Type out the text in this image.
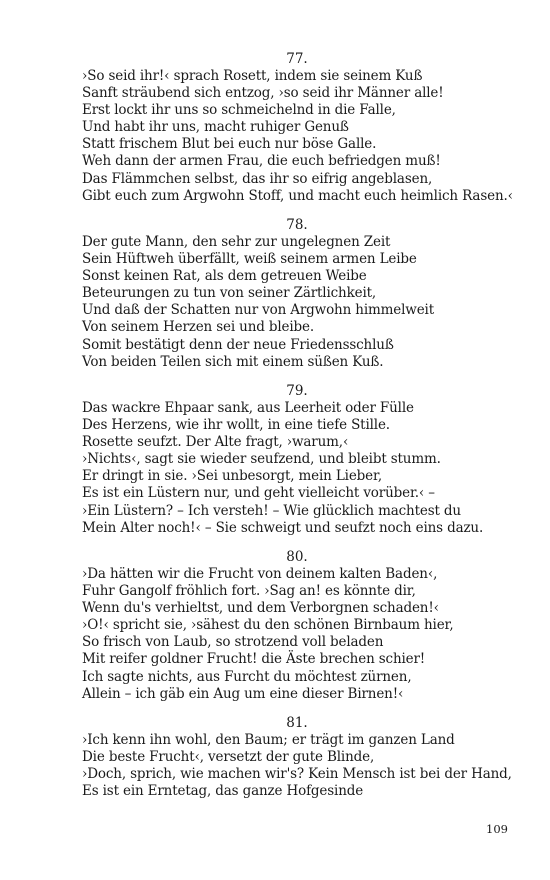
77.
›So seid ihr!‹ sprach Rosett, indem sie seinem Kuß
Sanft sträubend sich entzog, ›so seid ihr Männer alle!
Erst lockt ihr uns so schmeichelnd in die Falle,
Und habt ihr uns, macht ruhiger Genuß
Statt frischem Blut bei euch nur böse Galle.
Weh dann der armen Frau, die euch befriedgen muß!
Das Flämmchen selbst, das ihr so eifrig angeblasen,
Gibt euch zum Argwohn Stoff, und macht euch heimlich Rasen.‹
78.
Der gute Mann, den sehr zur ungelegnen Zeit
Sein Hüftweh überfällt, weiß seinem armen Leibe
Sonst keinen Rat, als dem getreuen Weibe
Beteurungen zu tun von seiner Zärtlichkeit,
Und daß der Schatten nur von Argwohn himmelweit
Von seinem Herzen sei und bleibe.
Somit bestätigt denn der neue Friedensschluß
Von beiden Teilen sich mit einem süßen Kuß.
79.
Das wackre Ehpaar sank, aus Leerheit oder Fülle
Des Herzens, wie ihr wollt, in eine tiefe Stille.
Rosette seufzt. Der Alte fragt, ›warum,‹
›Nichts‹, sagt sie wieder seufzend, und bleibt stumm.
Er dringt in sie. ›Sei unbesorgt, mein Lieber,
Es ist ein Lüstern nur, und geht vielleicht vorüber.‹ –
›Ein Lüstern? – Ich versteh! – Wie glücklich machtest du
Mein Alter noch!‹ – Sie schweigt und seufzt noch eins dazu.
80.
›Da hätten wir die Frucht von deinem kalten Baden‹,
Fuhr Gangolf fröhlich fort. ›Sag an! es könnte dir,
Wenn du's verhieltst, und dem Verborgnen schaden!‹
›O!‹ spricht sie, ›sähest du den schönen Birnbaum hier,
So frisch von Laub, so strotzend voll beladen
Mit reifer goldner Frucht! die Äste brechen schier!
Ich sagte nichts, aus Furcht du möchtest zürnen,
Allein – ich gäb ein Aug um eine dieser Birnen!‹
81.
›Ich kenn ihn wohl, den Baum; er trägt im ganzen Land
Die beste Frucht‹, versetzt der gute Blinde,
›Doch, sprich, wie machen wir's? Kein Mensch ist bei der Hand,
Es ist ein Erntetag, das ganze Hofgesinde
109
